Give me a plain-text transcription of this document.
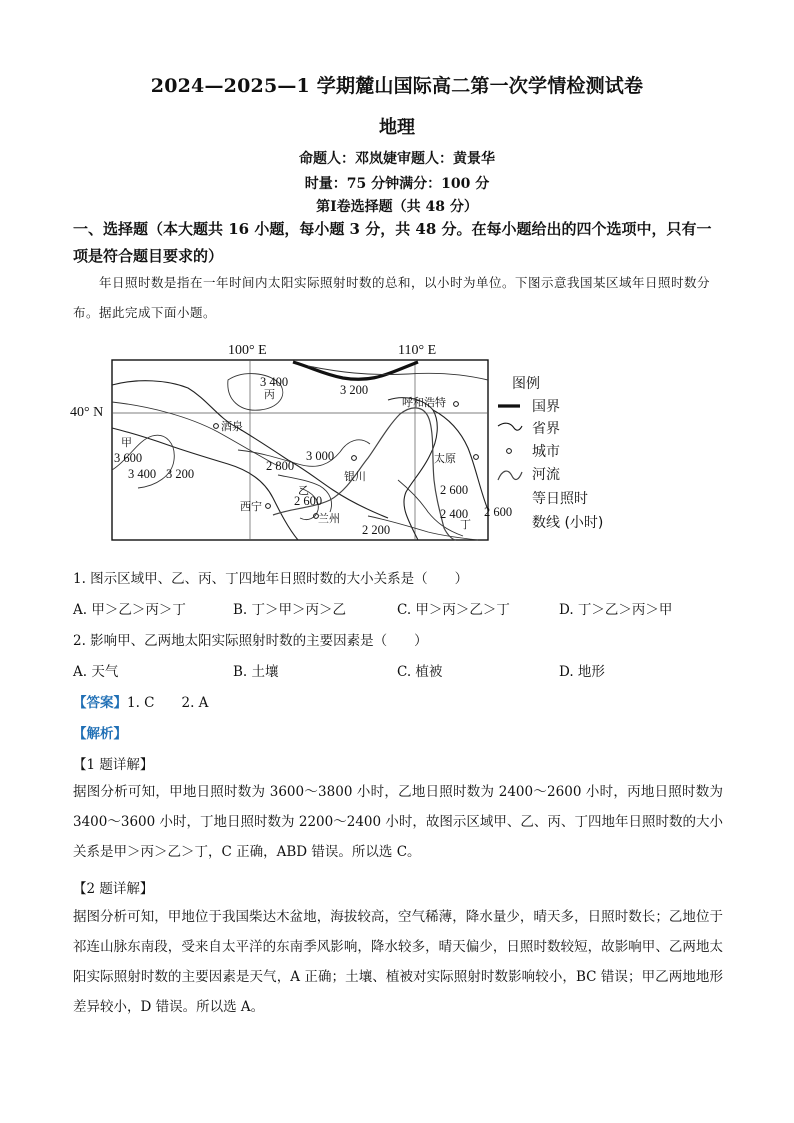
2024—2025—1 学期麓山国际高二第一次学情检测试卷
地理
命题人：邓岚婕审题人：黄景华
时量：75 分钟满分：100 分
第Ⅰ卷选择题（共 48 分）
一、选择题（本大题共 16 小题，每小题 3 分，共 48 分。在每小题给出的四个选项中，只有一项是符合题目要求的）
年日照时数是指在一年时间内太阳实际照射时数的总和，以小时为单位。下图示意我国某区域年日照时数分布。据此完成下面小题。
100° E	110° E
40° N
呼和浩特
酒泉
银川
太原
西宁
兰州
甲
乙
丙
丁
3 400
3 200
3 600
3 400 3 200
2 800
3 000
2 600
2 600
2 400
2 200
2 600
图例
国界
省界
城市
河流
等日照时
数线 (小时)
1. 图示区域甲、乙、丙、丁四地年日照时数的大小关系是（　　）
A. 甲＞乙＞丙＞丁	B. 丁＞甲＞丙＞乙	C. 甲＞丙＞乙＞丁	D. 丁＞乙＞丙＞甲
2. 影响甲、乙两地太阳实际照射时数的主要因素是（　　）
A. 天气	B. 土壤	C. 植被	D. 地形
【答案】1. C　　2. A
【解析】
【1 题详解】
据图分析可知，甲地日照时数为 3600～3800 小时，乙地日照时数为 2400～2600 小时，丙地日照时数为 3400～3600 小时，丁地日照时数为 2200～2400 小时，故图示区域甲、乙、丙、丁四地年日照时数的大小关系是甲＞丙＞乙＞丁，C 正确，ABD 错误。所以选 C。
【2 题详解】
据图分析可知，甲地位于我国柴达木盆地，海拔较高，空气稀薄，降水量少，晴天多，日照时数长；乙地位于祁连山脉东南段，受来自太平洋的东南季风影响，降水较多，晴天偏少，日照时数较短，故影响甲、乙两地太阳实际照射时数的主要因素是天气，A 正确；土壤、植被对实际照射时数影响较小，BC 错误；甲乙两地地形差异较小，D 错误。所以选 A。
